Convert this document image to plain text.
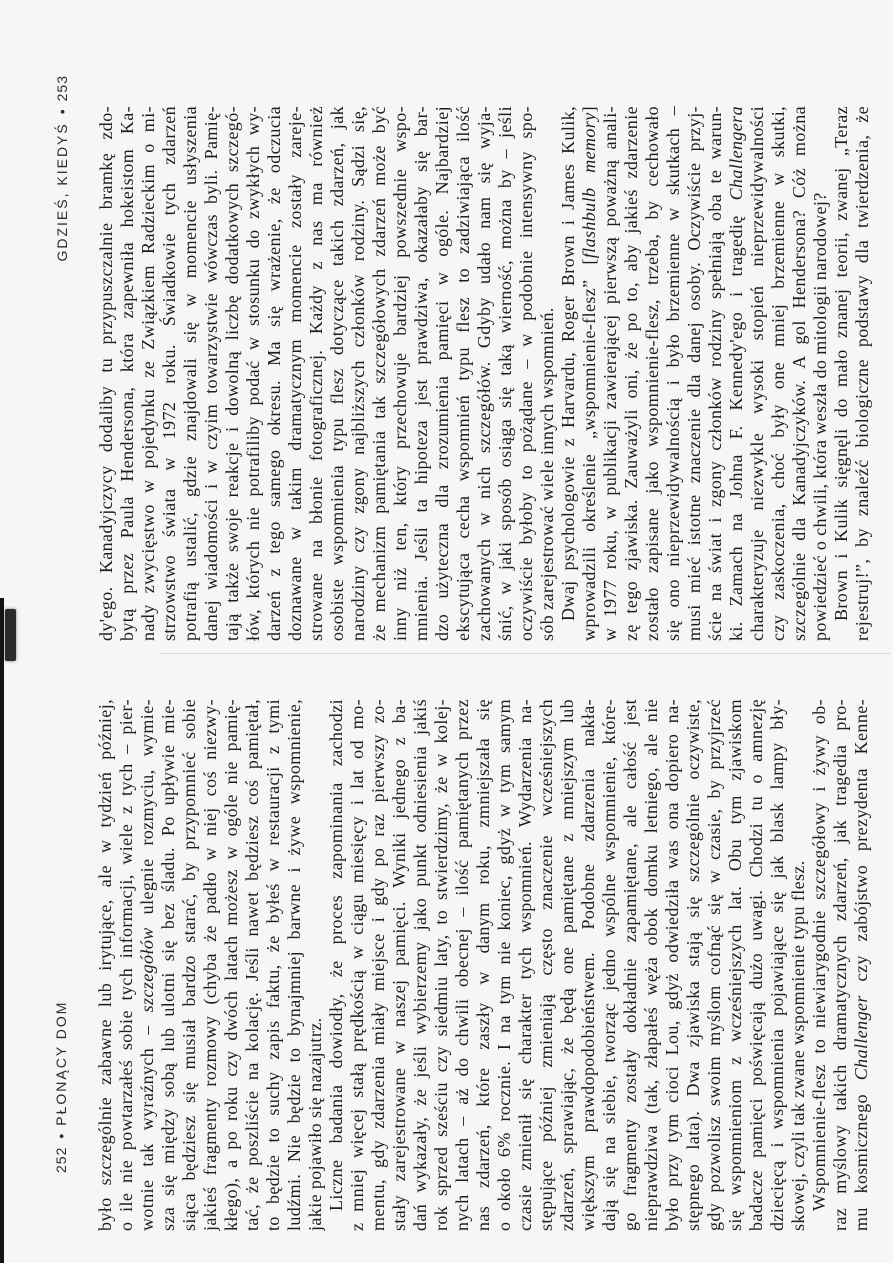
252•PŁONĄCY DOM
GDZIEŚ, KIEDYŚ•253
było szczególnie zabawne lub irytujące, ale w tydzień później, o ile nie powtarzałeś sobie tych informacji, wiele z tych – pier- wotnie tak wyraźnych – szczegółów ulegnie rozmyciu, wymie- sza się między sobą lub ulotni się bez śladu. Po upływie mie- siąca będziesz się musiał bardzo starać, by przypomnieć sobie jakieś fragmenty rozmowy (chyba że padło w niej coś niezwy- kłego), a po roku czy dwóch latach możesz w ogóle nie pamię- tać, że poszliście na kolację. Jeśli nawet będziesz coś pamiętał, to będzie to suchy zapis faktu, że byłeś w restauracji z tymi ludźmi. Nie będzie to bynajmniej barwne i żywe wspomnienie, jakie pojawiło się nazajutrz. Liczne badania dowiodły, że proces zapominania zachodzi z mniej więcej stałą prędkością w ciągu miesięcy i lat od mo- mentu, gdy zdarzenia miały miejsce i gdy po raz pierwszy zo- stały zarejestrowane w naszej pamięci. Wyniki jednego z ba- dań wykazały, że jeśli wybierzemy jako punkt odniesienia jakiś rok sprzed sześciu czy siedmiu laty, to stwierdzimy, że w kolej- nych latach – aż do chwili obecnej – ilość pamiętanych przez nas zdarzeń, które zaszły w danym roku, zmniejszała się o około 6% rocznie. I na tym nie koniec, gdyż w tym samym czasie zmienił się charakter tych wspomnień. Wydarzenia na- stępujące później zmieniają często znaczenie wcześniejszych zdarzeń, sprawiając, że będą one pamiętane z mniejszym lub większym prawdopodobieństwem. Podobne zdarzenia nakła- dają się na siebie, tworząc jedno wspólne wspomnienie, które- go fragmenty zostały dokładnie zapamiętane, ale całość jest nieprawdziwa (tak, złapałeś węża obok domku letniego, ale nie było przy tym cioci Lou, gdyż odwiedziła was ona dopiero na- stępnego lata). Dwa zjawiska stają się szczególnie oczywiste, gdy pozwolisz swoim myślom cofnąć się w czasie, by przyjrzeć się wspomnieniom z wcześniejszych lat. Obu tym zjawiskom badacze pamięci poświęcają dużo uwagi. Chodzi tu o amnezję dziecięcą i wspomnienia pojawiające się jak blask lampy bły- skowej, czyli tak zwane wspomnienie typu flesz. Wspomnienie-flesz to niewiarygodnie szczegółowy i żywy ob- raz myślowy takich dramatycznych zdarzeń, jak tragedia pro- mu kosmicznego Challenger czy zabójstwo prezydenta Kenne-
dy'ego. Kanadyjczycy dodaliby tu przypuszczalnie bramkę zdo- bytą przez Paula Hendersona, która zapewniła hokeistom Ka- nady zwycięstwo w pojedynku ze Związkiem Radzieckim o mi- strzowstwo świata w 1972 roku. Świadkowie tych zdarzeń potrafią ustalić, gdzie znajdowali się w momencie usłyszenia danej wiadomości i w czyim towarzystwie wówczas byli. Pamię- tają także swoje reakcje i dowolną liczbę dodatkowych szczegó- łów, których nie potrafiliby podać w stosunku do zwykłych wy- darzeń z tego samego okresu. Ma się wrażenie, że odczucia doznawane w takim dramatycznym momencie zostały zareje- strowane na błonie fotograficznej. Każdy z nas ma również osobiste wspomnienia typu flesz dotyczące takich zdarzeń, jak narodziny czy zgony najbliższych członków rodziny. Sądzi się, że mechanizm pamiętania tak szczegółowych zdarzeń może być inny niż ten, który przechowuje bardziej powszednie wspo- mnienia. Jeśli ta hipoteza jest prawdziwa, okazałaby się bar- dzo użyteczna dla zrozumienia pamięci w ogóle. Najbardziej ekscytująca cecha wspomnień typu flesz to zadziwiająca ilość zachowanych w nich szczegółów. Gdyby udało nam się wyja- śnić, w jaki sposób osiąga się taką wierność, można by – jeśli oczywiście byłoby to pożądane – w podobnie intensywny spo- sób zarejestrować wiele innych wspomnień. Dwaj psychologowie z Harvardu, Roger Brown i James Kulik, wprowadzili określenie „wspomnienie-flesz” [flashbulb memory] w 1977 roku, w publikacji zawierającej pierwszą poważną anali- zę tego zjawiska. Zauważyli oni, że po to, aby jakieś zdarzenie zostało zapisane jako wspomnienie-flesz, trzeba, by cechowało się ono nieprzewidywalnością i było brzemienne w skutkach – musi mieć istotne znaczenie dla danej osoby. Oczywiście przyj- ście na świat i zgony członków rodziny spełniają oba te warun- ki. Zamach na Johna F. Kennedy'ego i tragedię Challengera charakteryzuje niezwykle wysoki stopień nieprzewidywalności czy zaskoczenia, choć były one mniej brzemienne w skutki, szczególnie dla Kanadyjczyków. A gol Hendersona? Cóż można powiedzieć o chwili, która weszła do mitologii narodowej? Brown i Kulik sięgnęli do mało znanej teorii, zwanej „Teraz rejestruj!”, by znaleźć biologiczne podstawy dla twierdzenia, że
